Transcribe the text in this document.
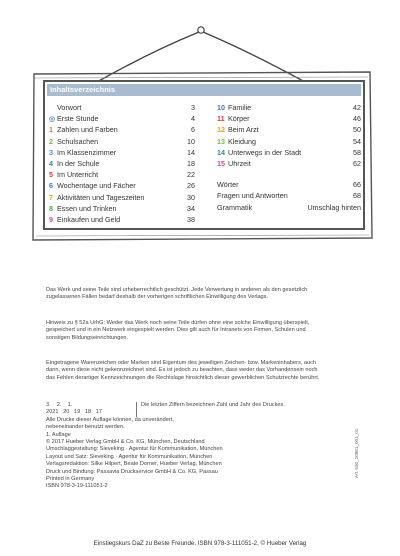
Inhaltsverzeichnis
Vorwort	3
◎ Erste Stunde	4
1 Zahlen und Farben	6
2 Schulsachen	10
3 Im Klassenzimmer	14
4 In der Schule	18
5 Im Unterricht	22
6 Wochentage und Fächer	26
7 Aktivitäten und Tageszeiten	30
8 Essen und Trinken	34
9 Einkaufen und Geld	38
10 Familie	42
11 Körper	46
12 Beim Arzt	50
13 Kleidung	54
14 Unterwegs in der Stadt	58
15 Uhrzeit	62
Wörter	66
Fragen und Antworten	68
Grammatik	Umschlag hinten

Das Werk und seine Teile sind urheberrechtlich geschützt. Jede Verwertung in anderen als den gesetzlich zugelassenen Fällen bedarf deshalb der vorherigen schriftlichen Einwilligung des Verlags.

Hinweis zu § 52a UrhG: Weder das Werk noch seine Teile dürfen ohne eine solche Einwilligung überspielt, gespeichert und in ein Netzwerk eingespielt werden. Dies gilt auch für Intranets von Firmen, Schulen und sonstigen Bildungseinrichtungen.

Eingetragene Warenzeichen oder Marken sind Eigentum des jeweiligen Zeichen- bzw. Markeninhabers, auch dann, wenn diese nicht gekennzeichnet sind. Es ist jedoch zu beachten, dass weder das Vorhandensein noch das Fehlen derartiger Kennzeichnungen die Rechtslage hinsichtlich dieser gewerblichen Schutzrechte berührt.

3.    2.    1.
2021   20   19   18   17
Die letzten Ziffern bezeichnen Zahl und Jahr des Druckes.
Alle Drucke dieser Auflage können, da unverändert,
nebeneinander benutzt werden.
1. Auflage
© 2017 Hueber Verlag GmbH & Co. KG, München, Deutschland
Umschlaggestaltung: Sieveking · Agentur für Kommunikation, München
Layout und Satz: Sieveking · Agentur für Kommunikation, München
Verlagsredaktion: Silke Hilpert, Beate Dorner, Hueber Verlag, München
Druck und Bindung: Passavia Druckservice GmbH & Co. KG, Passau
Printed in Germany
ISBN 978-3-19-111051-2
Art. 530_20981_001_01
Einstiegskurs DaZ zu Beste Freunde, ISBN 978-3-111051-2, © Hueber Verlag
